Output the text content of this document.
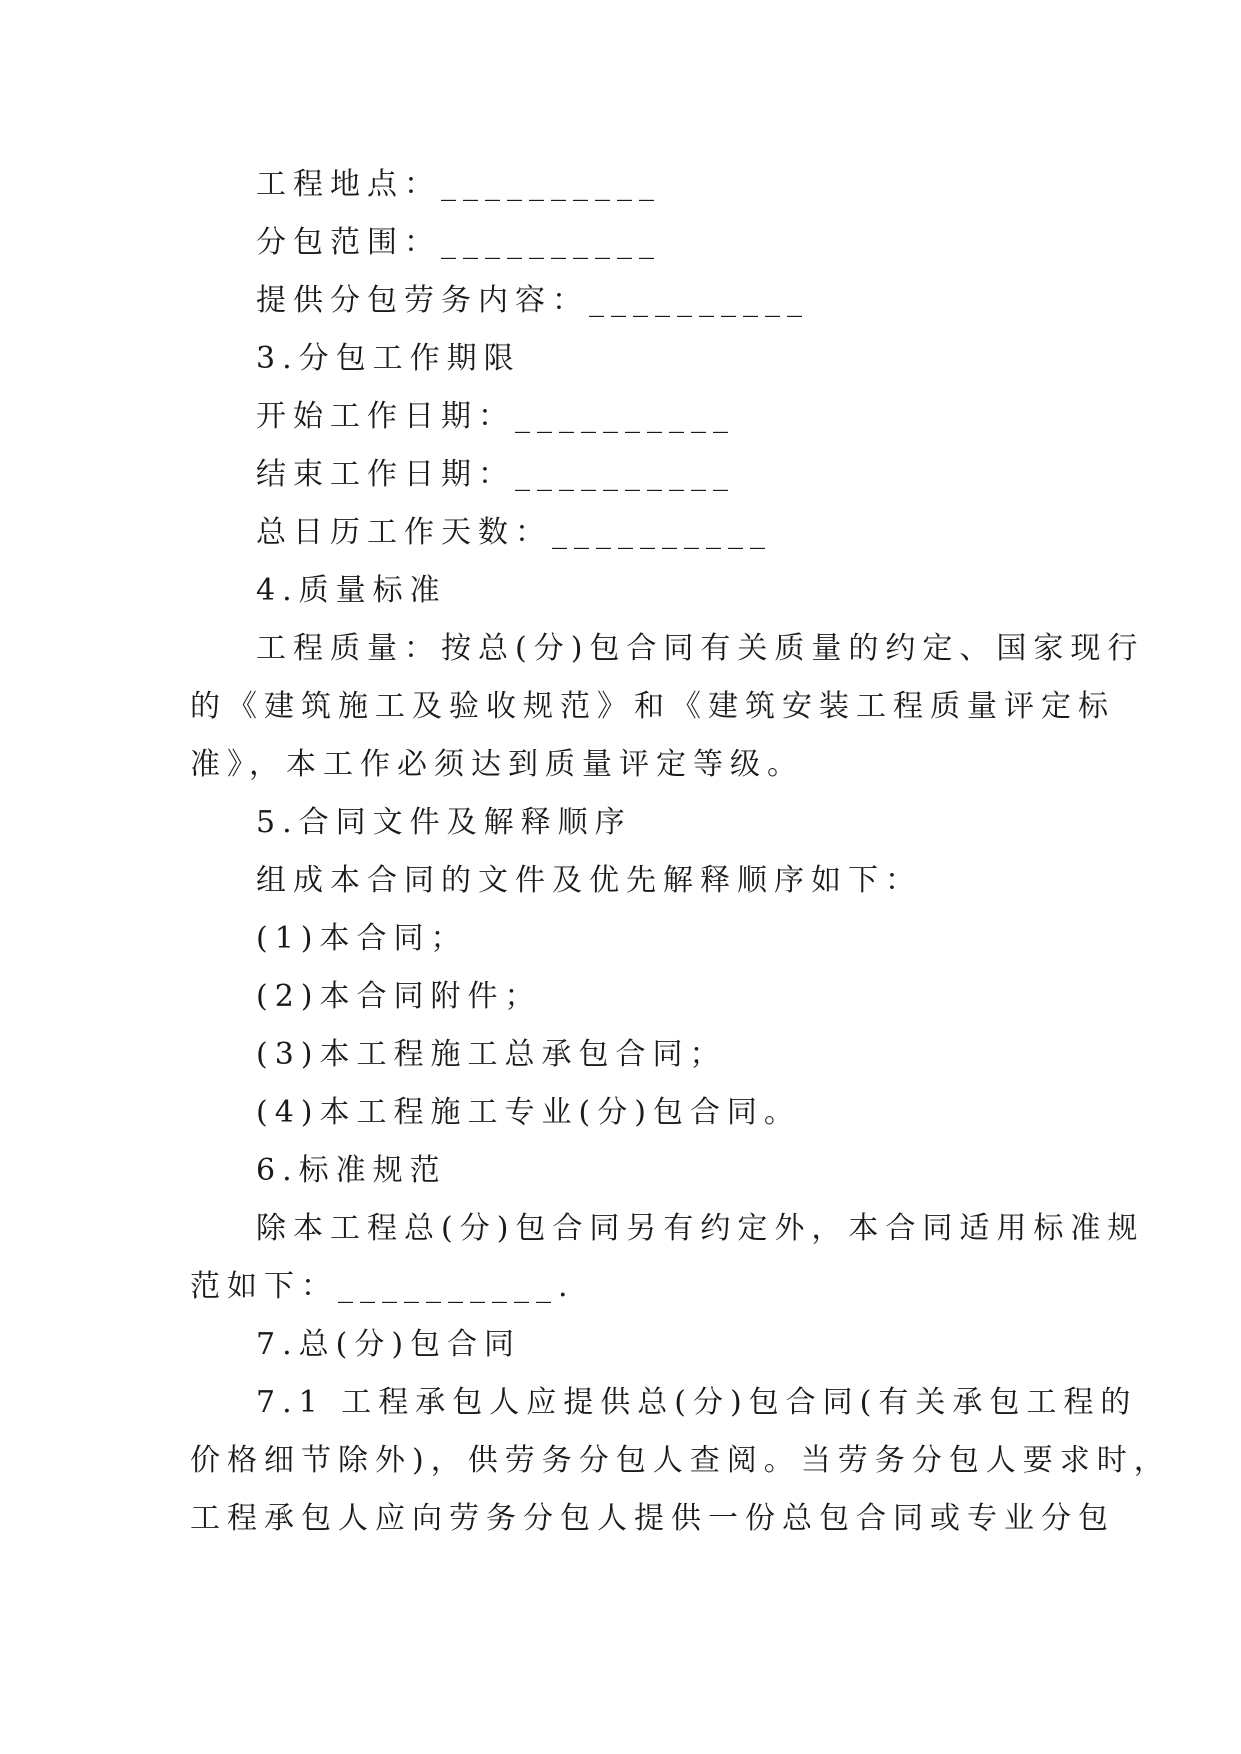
工程地点：__________

分包范围：__________

提供分包劳务内容：__________

3.分包工作期限

开始工作日期：__________

结束工作日期：__________

总日历工作天数：__________

4.质量标准

工程质量：按总(分)包合同有关质量的约定、国家现行
的《建筑施工及验收规范》和《建筑安装工程质量评定标
准》，本工作必须达到质量评定等级。

5.合同文件及解释顺序

组成本合同的文件及优先解释顺序如下：

(1)本合同；

(2)本合同附件；

(3)本工程施工总承包合同；

(4)本工程施工专业(分)包合同。

6.标准规范

除本工程总(分)包合同另有约定外，本合同适用标准规
范如下：__________.

7.总(分)包合同

7.1 工程承包人应提供总(分)包合同(有关承包工程的
价格细节除外)，供劳务分包人查阅。当劳务分包人要求时，
工程承包人应向劳务分包人提供一份总包合同或专业分包
